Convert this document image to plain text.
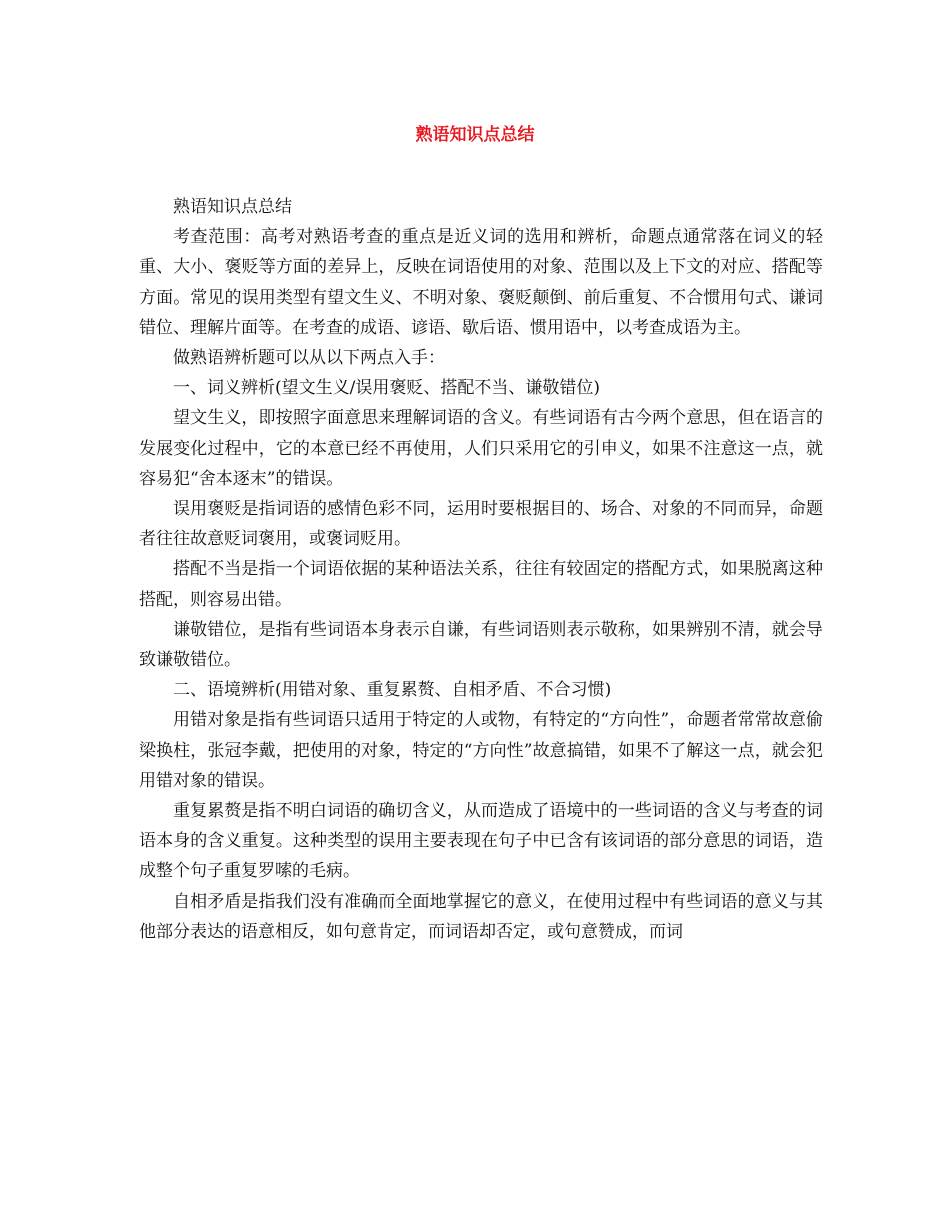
熟语知识点总结

熟语知识点总结

考查范围：高考对熟语考查的重点是近义词的选用和辨析，命题点通常落在词义的轻重、大小、褒贬等方面的差异上，反映在词语使用的对象、范围以及上下文的对应、搭配等方面。常见的误用类型有望文生义、不明对象、褒贬颠倒、前后重复、不合惯用句式、谦词错位、理解片面等。在考查的成语、谚语、歇后语、惯用语中，以考查成语为主。

做熟语辨析题可以从以下两点入手：

一、词义辨析(望文生义/误用褒贬、搭配不当、谦敬错位)

望文生义，即按照字面意思来理解词语的含义。有些词语有古今两个意思，但在语言的发展变化过程中，它的本意已经不再使用，人们只采用它的引申义，如果不注意这一点，就容易犯“舍本逐末”的错误。

误用褒贬是指词语的感情色彩不同，运用时要根据目的、场合、对象的不同而异，命题者往往故意贬词褒用，或褒词贬用。

搭配不当是指一个词语依据的某种语法关系，往往有较固定的搭配方式，如果脱离这种搭配，则容易出错。

谦敬错位，是指有些词语本身表示自谦，有些词语则表示敬称，如果辨别不清，就会导致谦敬错位。

二、语境辨析(用错对象、重复累赘、自相矛盾、不合习惯)

用错对象是指有些词语只适用于特定的人或物，有特定的“方向性”，命题者常常故意偷梁换柱，张冠李戴，把使用的对象，特定的“方向性”故意搞错，如果不了解这一点，就会犯用错对象的错误。

重复累赘是指不明白词语的确切含义，从而造成了语境中的一些词语的含义与考查的词语本身的含义重复。这种类型的误用主要表现在句子中已含有该词语的部分意思的词语，造成整个句子重复罗嗦的毛病。

自相矛盾是指我们没有准确而全面地掌握它的意义，在使用过程中有些词语的意义与其他部分表达的语意相反，如句意肯定，而词语却否定，或句意赞成，而词
